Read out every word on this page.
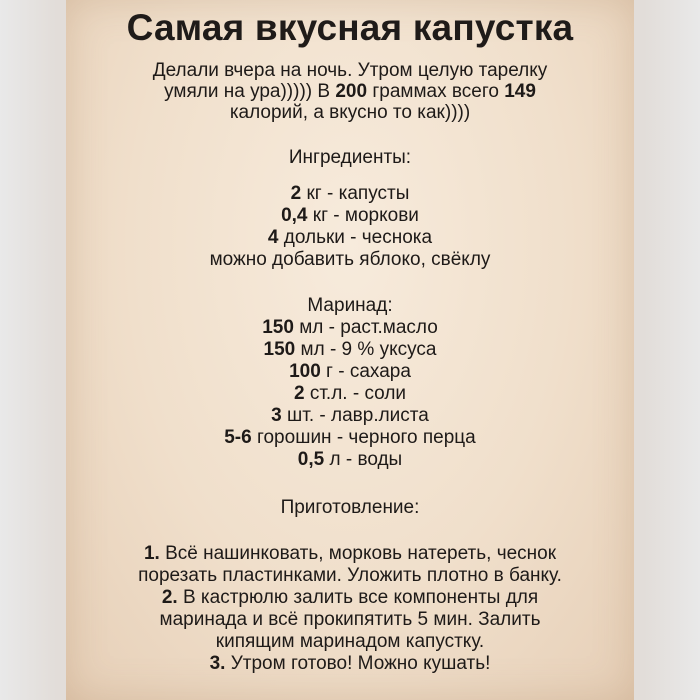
Самая вкусная капустка
Делали вчера на ночь. Утром целую тарелку
умяли на ура))))) В 200 граммах всего 149
калорий, а вкусно то как))))
Ингредиенты:
2 кг - капусты
0,4 кг - моркови
4 дольки - чеснока
можно добавить яблоко, свёклу
Маринад:
150 мл - раст.масло
150 мл - 9 % уксуса
100 г - сахара
2 ст.л. - соли
3 шт. - лавр.листа
5-6 горошин - черного перца
0,5 л - воды
Приготовление:
1. Всё нашинковать, морковь натереть, чеснок
порезать пластинками. Уложить плотно в банку.
2. В кастрюлю залить все компоненты для
маринада и всё прокипятить 5 мин. Залить
кипящим маринадом капустку.
3. Утром готово! Можно кушать!
